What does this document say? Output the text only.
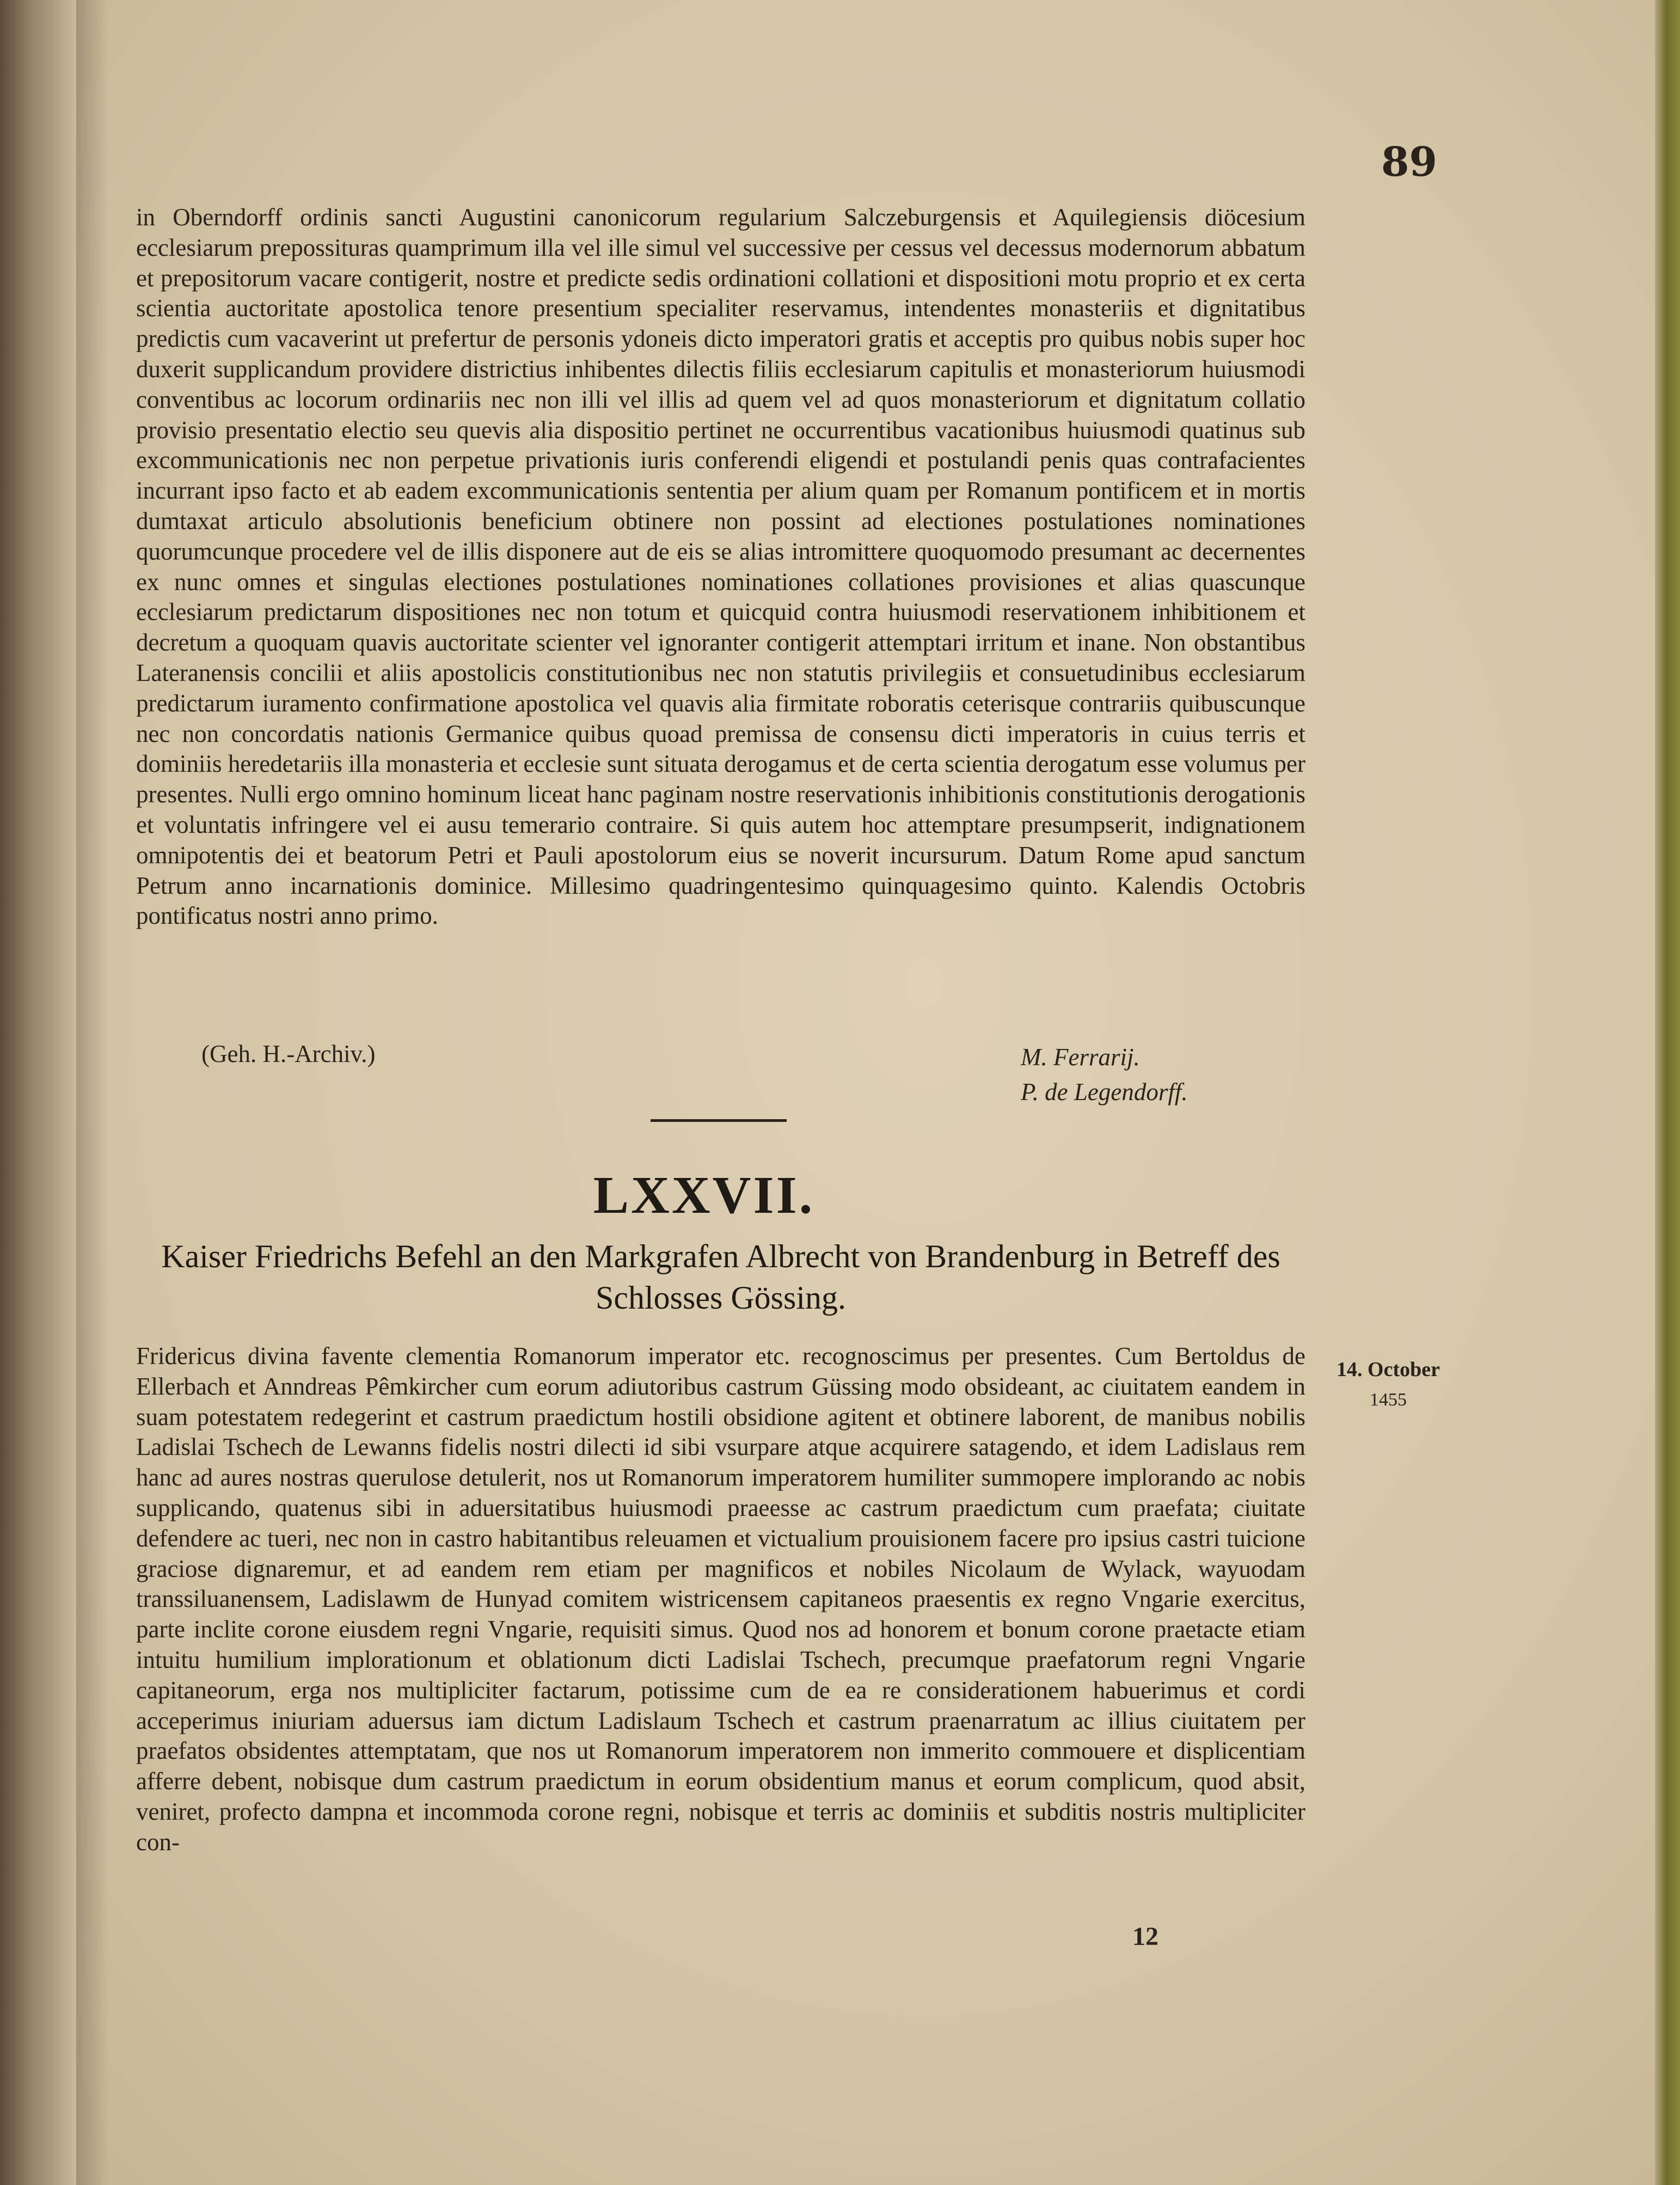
89

in Oberndorff ordinis sancti Augustini canonicorum regularium Salczeburgensis et Aquilegiensis diöcesium ecclesiarum prepossituras quamprimum illa vel ille simul vel successive per cessus vel decessus modernorum abbatum et prepositorum vacare contigerit, nostre et predicte sedis ordinationi collationi et dispositioni motu proprio et ex certa scientia auctoritate apostolica tenore presentium specialiter reservamus, intendentes monasteriis et dignitatibus predictis cum vacaverint ut prefertur de personis ydoneis dicto imperatori gratis et acceptis pro quibus nobis super hoc duxerit supplicandum providere districtius inhibentes dilectis filiis ecclesiarum capitulis et monasteriorum huiusmodi conventibus ac locorum ordinariis nec non illi vel illis ad quem vel ad quos monasteriorum et dignitatum collatio provisio presentatio electio seu quevis alia dispositio pertinet ne occurrentibus vacationibus huiusmodi quatinus sub excommunicationis nec non perpetue privationis iuris conferendi eligendi et postulandi penis quas contrafacientes incurrant ipso facto et ab eadem excommunicationis sententia per alium quam per Romanum pontificem et in mortis dumtaxat articulo absolutionis beneficium obtinere non possint ad electiones postulationes nominationes quorumcunque procedere vel de illis disponere aut de eis se alias intromittere quoquomodo presumant ac decernentes ex nunc omnes et singulas electiones postulationes nominationes collationes provisiones et alias quascunque ecclesiarum predictarum dispositiones nec non totum et quicquid contra huiusmodi reservationem inhibitionem et decretum a quoquam quavis auctoritate scienter vel ignoranter contigerit attemptari irritum et inane. Non obstantibus Lateranensis concilii et aliis apostolicis constitutionibus nec non statutis privilegiis et consuetudinibus ecclesiarum predictarum iuramento confirmatione apostolica vel quavis alia firmitate roboratis ceterisque contrariis quibuscunque nec non concordatis nationis Germanice quibus quoad premissa de consensu dicti imperatoris in cuius terris et dominiis heredetariis illa monasteria et ecclesie sunt situata derogamus et de certa scientia derogatum esse volumus per presentes. Nulli ergo omnino hominum liceat hanc paginam nostre reservationis inhibitionis constitutionis derogationis et voluntatis infringere vel ei ausu temerario contraire. Si quis autem hoc attemptare presumpserit, indignationem omnipotentis dei et beatorum Petri et Pauli apostolorum eius se noverit incursurum. Datum Rome apud sanctum Petrum anno incarnationis dominice. Millesimo quadringentesimo quinquagesimo quinto. Kalendis Octobris pontificatus nostri anno primo.

(Geh. H.-Archiv.)	M. Ferrarij.
P. de Legendorff.
LXXVII.

Kaiser Friedrichs Befehl an den Markgrafen Albrecht von Brandenburg in Betreff des Schlosses Gössing.

Fridericus divina favente clementia Romanorum imperator etc. recognoscimus per presentes. Cum Bertoldus de Ellerbach et Anndreas Pêmkircher cum eorum adiutoribus castrum Güssing modo obsideant, ac ciuitatem eandem in suam potestatem redegerint et castrum praedictum hostili obsidione agitent et obtinere laborent, de manibus nobilis Ladislai Tschech de Lewanns fidelis nostri dilecti id sibi vsurpare atque acquirere satagendo, et idem Ladislaus rem hanc ad aures nostras querulose detulerit, nos ut Romanorum imperatorem humiliter summopere implorando ac nobis supplicando, quatenus sibi in aduersitatibus huiusmodi praeesse ac castrum praedictum cum praefata; ciuitate defendere ac tueri, nec non in castro habitantibus releuamen et victualium prouisionem facere pro ipsius castri tuicione graciose dignaremur, et ad eandem rem etiam per magnificos et nobiles Nicolaum de Wylack, wayuodam transsiluanensem, Ladislawm de Hunyad comitem wistricensem capitaneos praesentis ex regno Vngarie exercitus, parte inclite corone eiusdem regni Vngarie, requisiti simus. Quod nos ad honorem et bonum corone praetacte etiam intuitu humilium implorationum et oblationum dicti Ladislai Tschech, precumque praefatorum regni Vngarie capitaneorum, erga nos multipliciter factarum, potissime cum de ea re considerationem habuerimus et cordi acceperimus iniuriam aduersus iam dictum Ladislaum Tschech et castrum praenarratum ac illius ciuitatem per praefatos obsidentes attemptatam, que nos ut Romanorum imperatorem non immerito commouere et displicentiam afferre debent, nobisque dum castrum praedictum in eorum obsidentium manus et eorum complicum, quod absit, veniret, profecto dampna et incommoda corone regni, nobisque et terris ac dominiis et subditis nostris multipliciter con-

14. October
1455
12
